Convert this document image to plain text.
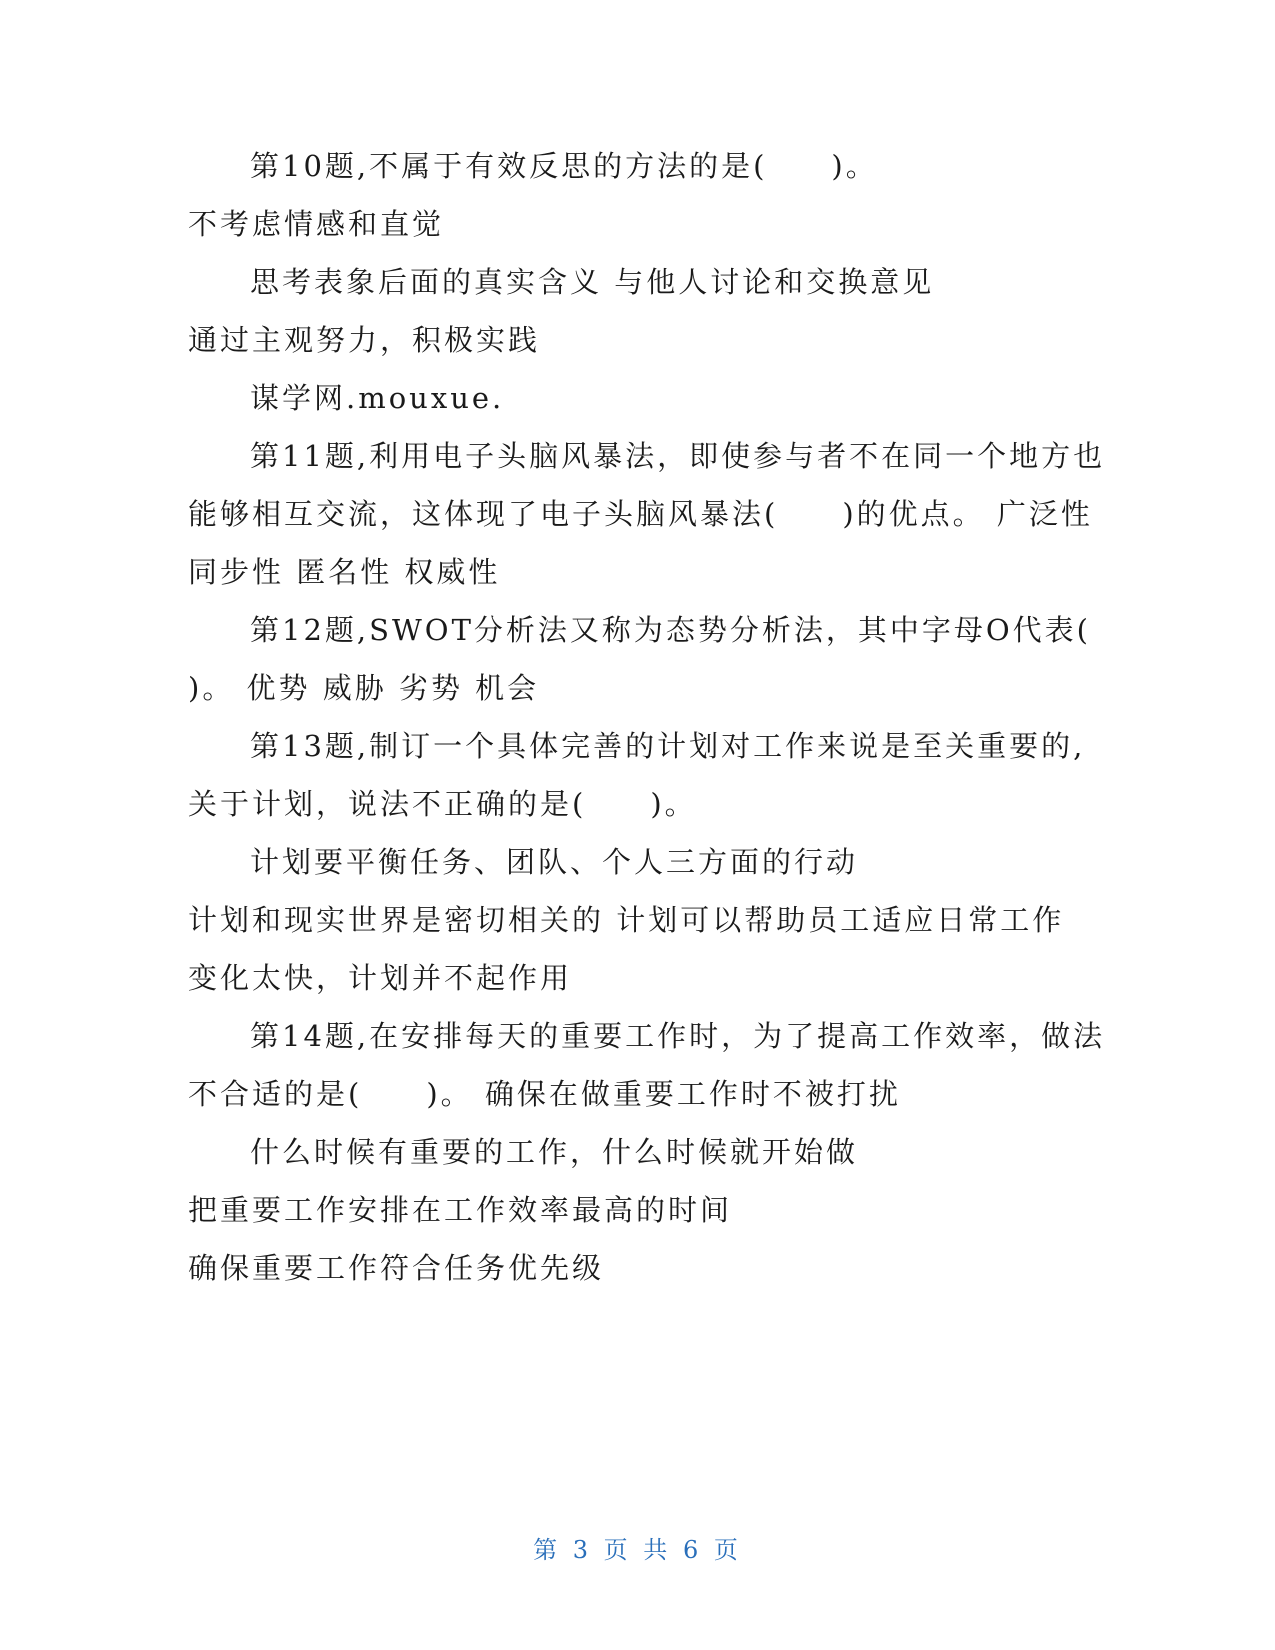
第10题,不属于有效反思的方法的是(　　)。
不考虑情感和直觉
思考表象后面的真实含义 与他人讨论和交换意见
通过主观努力，积极实践
谋学网.mouxue.
第11题,利用电子头脑风暴法，即使参与者不在同一个地方也
能够相互交流，这体现了电子头脑风暴法(　　)的优点。 广泛性
同步性 匿名性 权威性
第12题,SWOT分析法又称为态势分析法，其中字母O代表(
)。 优势 威胁 劣势 机会
第13题,制订一个具体完善的计划对工作来说是至关重要的,
关于计划，说法不正确的是(　　)。
计划要平衡任务、团队、个人三方面的行动
计划和现实世界是密切相关的 计划可以帮助员工适应日常工作
变化太快，计划并不起作用
第14题,在安排每天的重要工作时，为了提高工作效率，做法
不合适的是(　　)。 确保在做重要工作时不被打扰
什么时候有重要的工作，什么时候就开始做
把重要工作安排在工作效率最高的时间
确保重要工作符合任务优先级
第 3 页 共 6 页
